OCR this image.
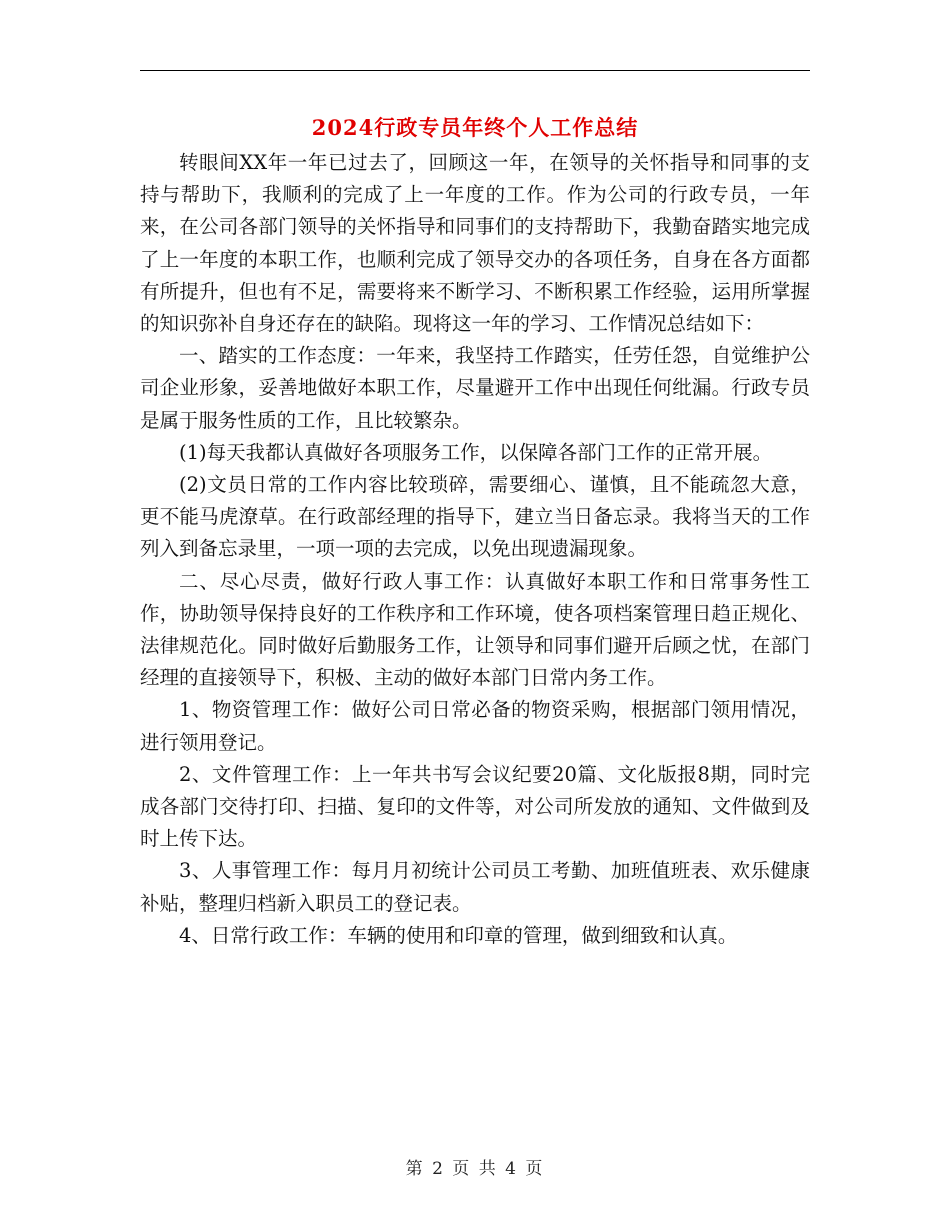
2024行政专员年终个人工作总结

转眼间XX年一年已过去了，回顾这一年，在领导的关怀指导和同事的支持与帮助下，我顺利的完成了上一年度的工作。作为公司的行政专员，一年来，在公司各部门领导的关怀指导和同事们的支持帮助下，我勤奋踏实地完成了上一年度的本职工作，也顺利完成了领导交办的各项任务，自身在各方面都有所提升，但也有不足，需要将来不断学习、不断积累工作经验，运用所掌握的知识弥补自身还存在的缺陷。现将这一年的学习、工作情况总结如下：

一、踏实的工作态度：一年来，我坚持工作踏实，任劳任怨，自觉维护公司企业形象，妥善地做好本职工作，尽量避开工作中出现任何纰漏。行政专员是属于服务性质的工作，且比较繁杂。

(1)每天我都认真做好各项服务工作，以保障各部门工作的正常开展。

(2)文员日常的工作内容比较琐碎，需要细心、谨慎，且不能疏忽大意，更不能马虎潦草。在行政部经理的指导下，建立当日备忘录。我将当天的工作列入到备忘录里，一项一项的去完成，以免出现遗漏现象。

二、尽心尽责，做好行政人事工作：认真做好本职工作和日常事务性工作，协助领导保持良好的工作秩序和工作环境，使各项档案管理日趋正规化、法律规范化。同时做好后勤服务工作，让领导和同事们避开后顾之忧，在部门经理的直接领导下，积极、主动的做好本部门日常内务工作。

1、物资管理工作：做好公司日常必备的物资采购，根据部门领用情况，进行领用登记。

2、文件管理工作：上一年共书写会议纪要20篇、文化版报8期，同时完成各部门交待打印、扫描、复印的文件等，对公司所发放的通知、文件做到及时上传下达。

3、人事管理工作：每月月初统计公司员工考勤、加班值班表、欢乐健康补贴，整理归档新入职员工的登记表。

4、日常行政工作：车辆的使用和印章的管理，做到细致和认真。

第 2 页 共 4 页
